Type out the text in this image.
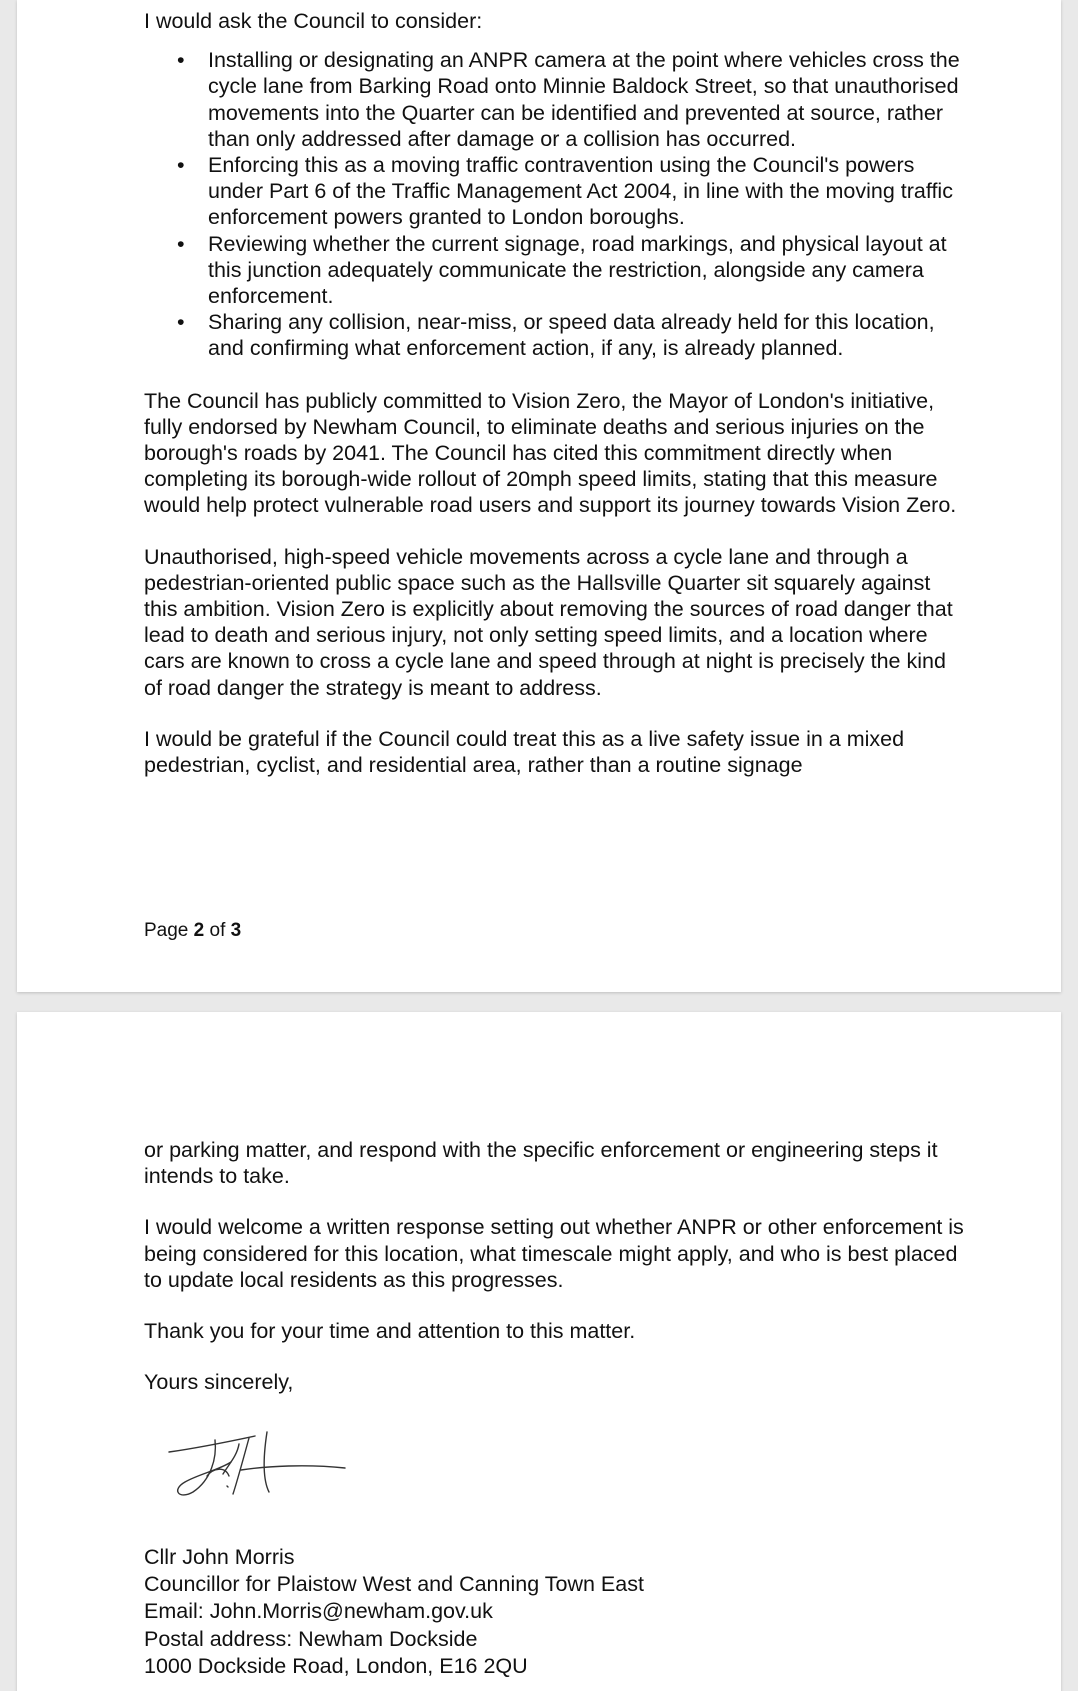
I would ask the Council to consider:

• Installing or designating an ANPR camera at the point where vehicles cross the cycle lane from Barking Road onto Minnie Baldock Street, so that unauthorised movements into the Quarter can be identified and prevented at source, rather than only addressed after damage or a collision has occurred.
• Enforcing this as a moving traffic contravention using the Council's powers under Part 6 of the Traffic Management Act 2004, in line with the moving traffic enforcement powers granted to London boroughs.
• Reviewing whether the current signage, road markings, and physical layout at this junction adequately communicate the restriction, alongside any camera enforcement.
• Sharing any collision, near-miss, or speed data already held for this location, and confirming what enforcement action, if any, is already planned.

The Council has publicly committed to Vision Zero, the Mayor of London's initiative, fully endorsed by Newham Council, to eliminate deaths and serious injuries on the borough's roads by 2041. The Council has cited this commitment directly when completing its borough-wide rollout of 20mph speed limits, stating that this measure would help protect vulnerable road users and support its journey towards Vision Zero.

Unauthorised, high-speed vehicle movements across a cycle lane and through a pedestrian-oriented public space such as the Hallsville Quarter sit squarely against this ambition. Vision Zero is explicitly about removing the sources of road danger that lead to death and serious injury, not only setting speed limits, and a location where cars are known to cross a cycle lane and speed through at night is precisely the kind of road danger the strategy is meant to address.

I would be grateful if the Council could treat this as a live safety issue in a mixed pedestrian, cyclist, and residential area, rather than a routine signage

Page 2 of 3

or parking matter, and respond with the specific enforcement or engineering steps it intends to take.

I would welcome a written response setting out whether ANPR or other enforcement is being considered for this location, what timescale might apply, and who is best placed to update local residents as this progresses.

Thank you for your time and attention to this matter.

Yours sincerely,

Cllr John Morris

Councillor for Plaistow West and Canning Town East

Email: John.Morris@newham.gov.uk

Postal address: Newham Dockside

1000 Dockside Road, London, E16 2QU
